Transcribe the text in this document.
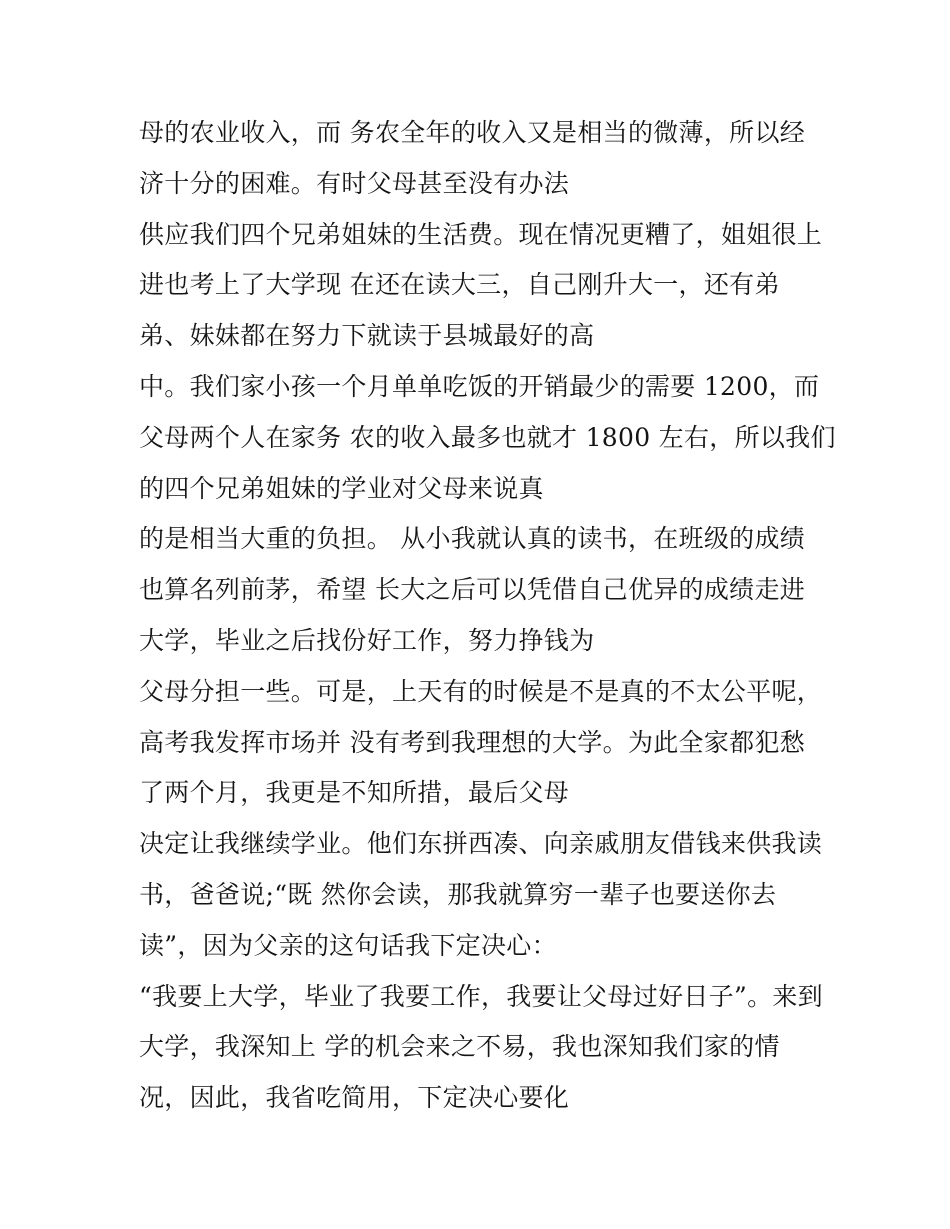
母的农业收入，而 务农全年的收入又是相当的微薄，所以经
济十分的困难。有时父母甚至没有办法
供应我们四个兄弟姐妹的生活费。现在情况更糟了，姐姐很上
进也考上了大学现 在还在读大三，自己刚升大一，还有弟
弟、妹妹都在努力下就读于县城最好的高
中。我们家小孩一个月单单吃饭的开销最少的需要 1200，而
父母两个人在家务 农的收入最多也就才 1800 左右，所以我们
的四个兄弟姐妹的学业对父母来说真
的是相当大重的负担。 从小我就认真的读书，在班级的成绩
也算名列前茅，希望 长大之后可以凭借自己优异的成绩走进
大学，毕业之后找份好工作，努力挣钱为
父母分担一些。可是，上天有的时候是不是真的不太公平呢，
高考我发挥市场并 没有考到我理想的大学。为此全家都犯愁
了两个月，我更是不知所措，最后父母
决定让我继续学业。他们东拼西凑、向亲戚朋友借钱来供我读
书，爸爸说;“既 然你会读，那我就算穷一辈子也要送你去
读”，因为父亲的这句话我下定决心：
“我要上大学，毕业了我要工作，我要让父母过好日子”。来到
大学，我深知上 学的机会来之不易，我也深知我们家的情
况，因此，我省吃简用，下定决心要化
